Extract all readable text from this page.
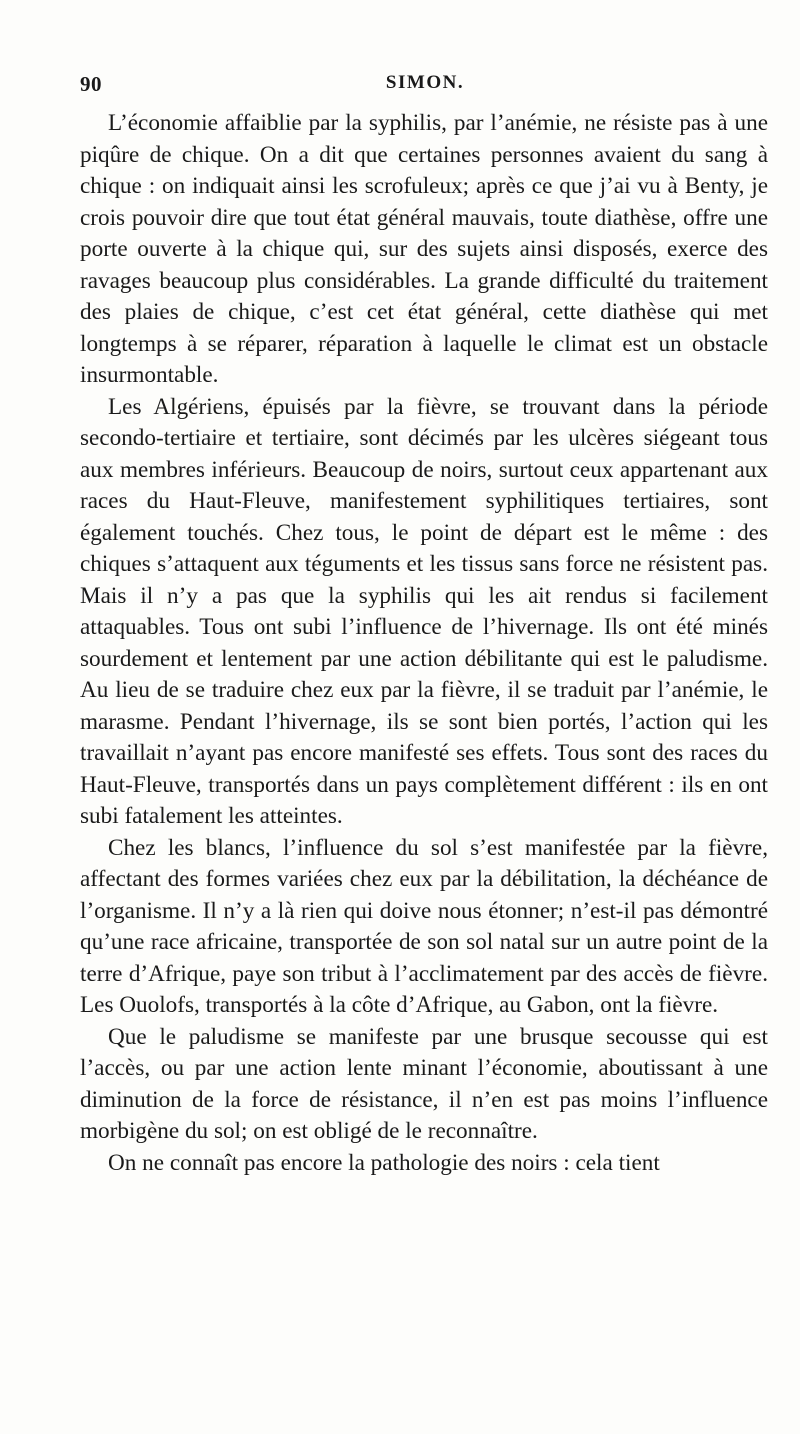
90	SIMON.

L’économie affaiblie par la syphilis, par l’anémie, ne résiste pas à une piqûre de chique. On a dit que certaines personnes avaient du sang à chique : on indiquait ainsi les scrofuleux; après ce que j’ai vu à Benty, je crois pouvoir dire que tout état général mauvais, toute diathèse, offre une porte ouverte à la chique qui, sur des sujets ainsi disposés, exerce des ravages beaucoup plus considérables. La grande difficulté du traitement des plaies de chique, c’est cet état général, cette diathèse qui met longtemps à se réparer, réparation à laquelle le climat est un obstacle insurmontable.

Les Algériens, épuisés par la fièvre, se trouvant dans la période secondo-tertiaire et tertiaire, sont décimés par les ulcères siégeant tous aux membres inférieurs. Beaucoup de noirs, surtout ceux appartenant aux races du Haut-Fleuve, manifestement syphilitiques tertiaires, sont également touchés. Chez tous, le point de départ est le même : des chiques s’attaquent aux téguments et les tissus sans force ne résistent pas. Mais il n’y a pas que la syphilis qui les ait rendus si facilement attaquables. Tous ont subi l’influence de l’hivernage. Ils ont été minés sourdement et lentement par une action débilitante qui est le paludisme. Au lieu de se traduire chez eux par la fièvre, il se traduit par l’anémie, le marasme. Pendant l’hivernage, ils se sont bien portés, l’action qui les travaillait n’ayant pas encore manifesté ses effets. Tous sont des races du Haut-Fleuve, transportés dans un pays complètement différent : ils en ont subi fatalement les atteintes.

Chez les blancs, l’influence du sol s’est manifestée par la fièvre, affectant des formes variées chez eux par la débilitation, la déchéance de l’organisme. Il n’y a là rien qui doive nous étonner; n’est-il pas démontré qu’une race africaine, transportée de son sol natal sur un autre point de la terre d’Afrique, paye son tribut à l’acclimatement par des accès de fièvre. Les Ouolofs, transportés à la côte d’Afrique, au Gabon, ont la fièvre.

Que le paludisme se manifeste par une brusque secousse qui est l’accès, ou par une action lente minant l’économie, aboutissant à une diminution de la force de résistance, il n’en est pas moins l’influence morbigène du sol; on est obligé de le reconnaître.

On ne connaît pas encore la pathologie des noirs : cela tient
